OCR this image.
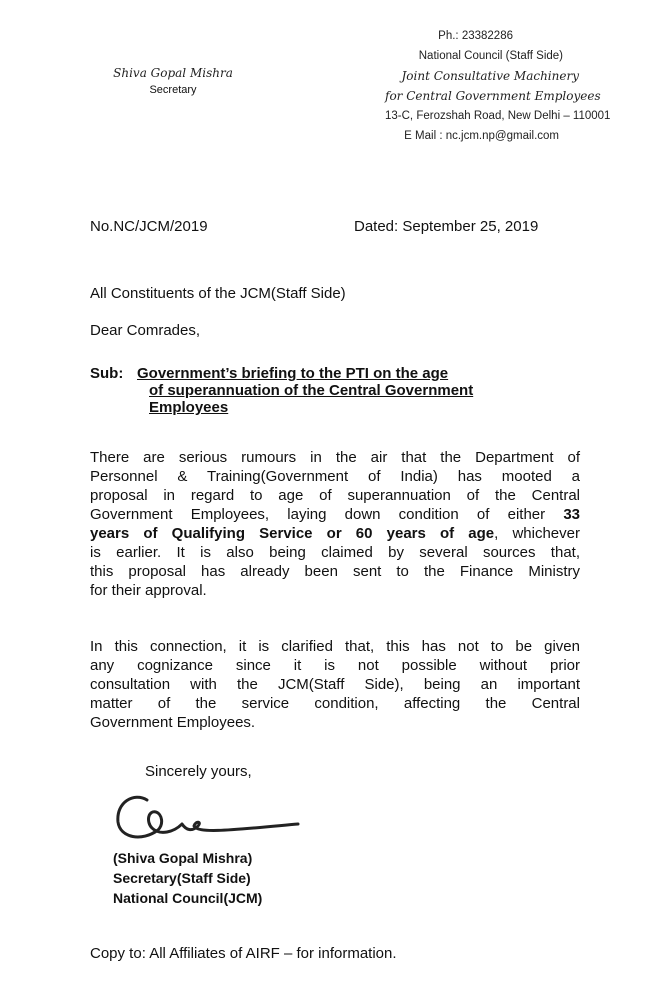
Shiva Gopal Mishra
Secretary
Ph.: 23382286
National Council (Staff Side)
Joint Consultative Machinery
for Central Government Employees
13-C, Ferozshah Road, New Delhi – 110001
E Mail : nc.jcm.np@gmail.com
No.NC/JCM/2019	Dated: September 25, 2019
All Constituents of the JCM(Staff Side)
Dear Comrades,
Sub: Government’s briefing to the PTI on the age
of superannuation of the Central Government
Employees
There are serious rumours in the air that the Department of
Personnel & Training(Government of India) has mooted a
proposal in regard to age of superannuation of the Central
Government Employees, laying down condition of either 33
years of Qualifying Service or 60 years of age, whichever
is earlier. It is also being claimed by several sources that,
this proposal has already been sent to the Finance Ministry
for their approval.
In this connection, it is clarified that, this has not to be given
any cognizance since it is not possible without prior
consultation with the JCM(Staff Side), being an important
matter of the service condition, affecting the Central
Government Employees.
Sincerely yours,
(Shiva Gopal Mishra)
Secretary(Staff Side)
National Council(JCM)
Copy to: All Affiliates of AIRF – for information.
